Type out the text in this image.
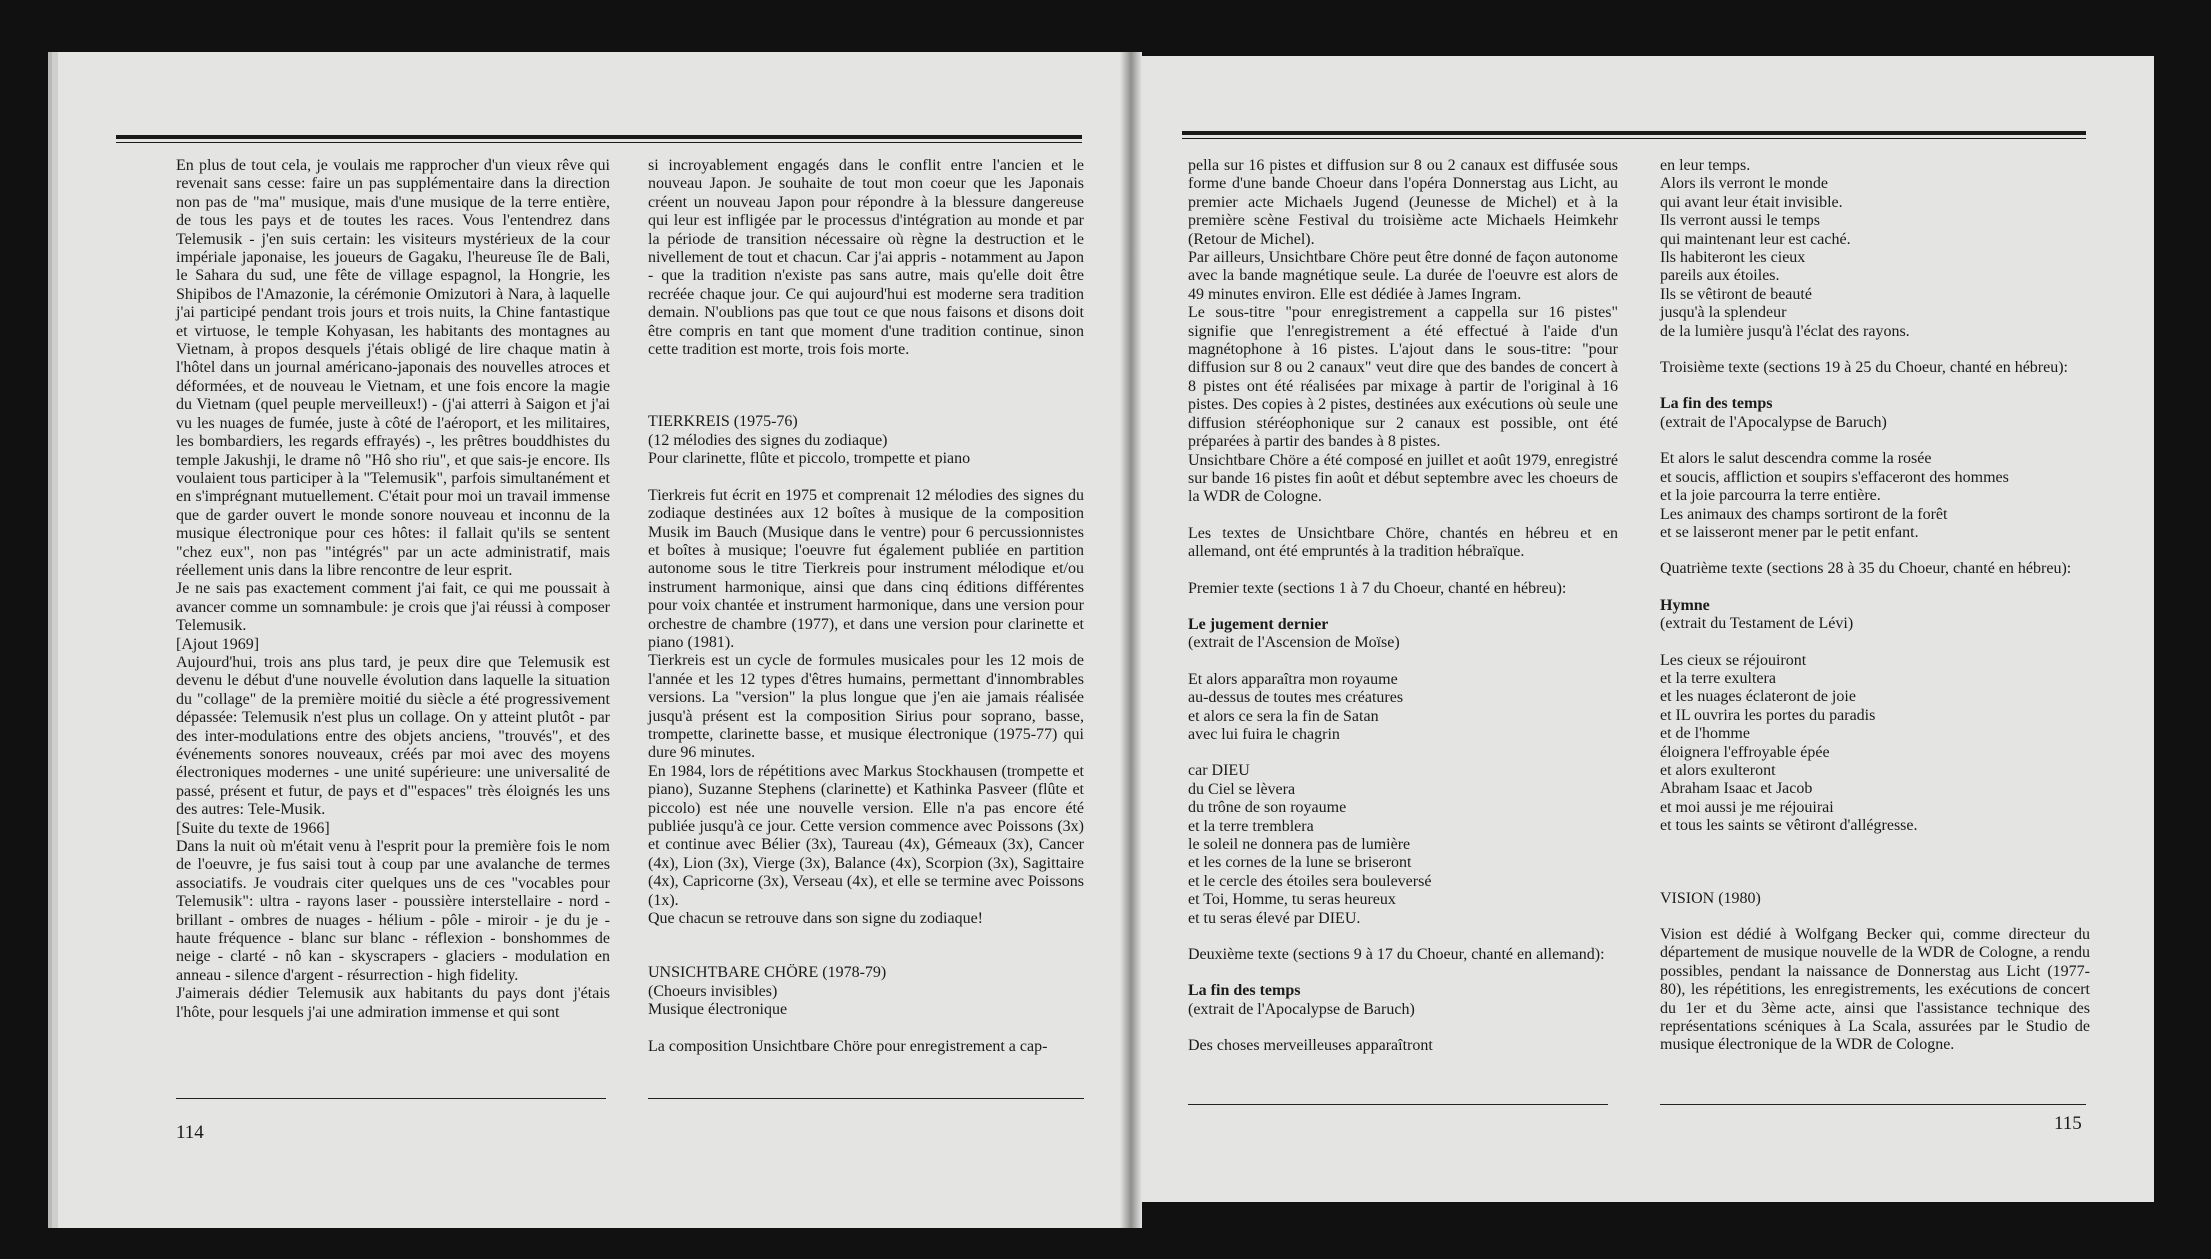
En plus de tout cela, je voulais me rapprocher d'un vieux rêve qui revenait sans cesse: faire un pas supplémentaire dans la direction non pas de "ma" musique, mais d'une musique de la terre entière, de tous les pays et de toutes les races. Vous l'entendrez dans Telemusik - j'en suis certain: les visiteurs mystérieux de la cour impériale japonaise, les joueurs de Gagaku, l'heureuse île de Bali, le Sahara du sud, une fête de village espagnol, la Hongrie, les Shipibos de l'Amazonie, la cérémonie Omizutori à Nara, à laquelle j'ai participé pendant trois jours et trois nuits, la Chine fantastique et virtuose, le temple Kohyasan, les habitants des montagnes au Vietnam, à propos desquels j'étais obligé de lire chaque matin à l'hôtel dans un journal américano-japonais des nouvelles atroces et déformées, et de nouveau le Vietnam, et une fois encore la magie du Vietnam (quel peuple merveilleux!) - (j'ai atterri à Saigon et j'ai vu les nuages de fumée, juste à côté de l'aéroport, et les militaires, les bombardiers, les regards effrayés) -, les prêtres bouddhistes du temple Jakushji, le drame nô "Hô sho riu", et que sais-je encore. Ils voulaient tous participer à la "Telemusik", parfois simultanément et en s'imprégnant mutuellement. C'était pour moi un travail immense que de garder ouvert le monde sonore nouveau et inconnu de la musique électronique pour ces hôtes: il fallait qu'ils se sentent "chez eux", non pas "intégrés" par un acte administratif, mais réellement unis dans la libre rencontre de leur esprit.

Je ne sais pas exactement comment j'ai fait, ce qui me poussait à avancer comme un somnambule: je crois que j'ai réussi à composer Telemusik.

[Ajout 1969]

Aujourd'hui, trois ans plus tard, je peux dire que Telemusik est devenu le début d'une nouvelle évolution dans laquelle la situation du "collage" de la première moitié du siècle a été progressivement dépassée: Telemusik n'est plus un collage. On y atteint plutôt - par des inter-modulations entre des objets anciens, "trouvés", et des événements sonores nouveaux, créés par moi avec des moyens électroniques modernes - une unité supérieure: une universalité de passé, présent et futur, de pays et d'"espaces" très éloignés les uns des autres: Tele-Musik.

[Suite du texte de 1966]

Dans la nuit où m'était venu à l'esprit pour la première fois le nom de l'oeuvre, je fus saisi tout à coup par une avalanche de termes associatifs. Je voudrais citer quelques uns de ces "vocables pour Telemusik": ultra - rayons laser - poussière interstellaire - nord - brillant - ombres de nuages - hélium - pôle - miroir - je du je - haute fréquence - blanc sur blanc - réflexion - bonshommes de neige - clarté - nô kan - skyscrapers - glaciers - modulation en anneau - silence d'argent - résurrection - high fidelity.

J'aimerais dédier Telemusik aux habitants du pays dont j'étais l'hôte, pour lesquels j'ai une admiration immense et qui sont

si incroyablement engagés dans le conflit entre l'ancien et le nouveau Japon. Je souhaite de tout mon coeur que les Japonais créent un nouveau Japon pour répondre à la blessure dangereuse qui leur est infligée par le processus d'intégration au monde et par la période de transition nécessaire où règne la destruction et le nivellement de tout et chacun. Car j'ai appris - notamment au Japon - que la tradition n'existe pas sans autre, mais qu'elle doit être recréée chaque jour. Ce qui aujourd'hui est moderne sera tradition demain. N'oublions pas que tout ce que nous faisons et disons doit être compris en tant que moment d'une tradition continue, sinon cette tradition est morte, trois fois morte.

TIERKREIS (1975-76)

(12 mélodies des signes du zodiaque)

Pour clarinette, flûte et piccolo, trompette et piano

Tierkreis fut écrit en 1975 et comprenait 12 mélodies des signes du zodiaque destinées aux 12 boîtes à musique de la composition Musik im Bauch (Musique dans le ventre) pour 6 percussionnistes et boîtes à musique; l'oeuvre fut également publiée en partition autonome sous le titre Tierkreis pour instrument mélodique et/ou instrument harmonique, ainsi que dans cinq éditions différentes pour voix chantée et instrument harmonique, dans une version pour orchestre de chambre (1977), et dans une version pour clarinette et piano (1981).

Tierkreis est un cycle de formules musicales pour les 12 mois de l'année et les 12 types d'êtres humains, permettant d'innombrables versions. La "version" la plus longue que j'en aie jamais réalisée jusqu'à présent est la composition Sirius pour soprano, basse, trompette, clarinette basse, et musique électronique (1975-77) qui dure 96 minutes.

En 1984, lors de répétitions avec Markus Stockhausen (trompette et piano), Suzanne Stephens (clarinette) et Kathinka Pasveer (flûte et piccolo) est née une nouvelle version. Elle n'a pas encore été publiée jusqu'à ce jour. Cette version commence avec Poissons (3x) et continue avec Bélier (3x), Taureau (4x), Gémeaux (3x), Cancer (4x), Lion (3x), Vierge (3x), Balance (4x), Scorpion (3x), Sagittaire (4x), Capricorne (3x), Verseau (4x), et elle se termine avec Poissons (1x).

Que chacun se retrouve dans son signe du zodiaque!

UNSICHTBARE CHÖRE (1978-79)

(Choeurs invisibles)

Musique électronique

La composition Unsichtbare Chöre pour enregistrement a cap-

pella sur 16 pistes et diffusion sur 8 ou 2 canaux est diffusée sous forme d'une bande Choeur dans l'opéra Donnerstag aus Licht, au premier acte Michaels Jugend (Jeunesse de Michel) et à la première scène Festival du troisième acte Michaels Heimkehr (Retour de Michel).

Par ailleurs, Unsichtbare Chöre peut être donné de façon autonome avec la bande magnétique seule. La durée de l'oeuvre est alors de 49 minutes environ. Elle est dédiée à James Ingram.

Le sous-titre "pour enregistrement a cappella sur 16 pistes" signifie que l'enregistrement a été effectué à l'aide d'un magnétophone à 16 pistes. L'ajout dans le sous-titre: "pour diffusion sur 8 ou 2 canaux" veut dire que des bandes de concert à 8 pistes ont été réalisées par mixage à partir de l'original à 16 pistes. Des copies à 2 pistes, destinées aux exécutions où seule une diffusion stéréophonique sur 2 canaux est possible, ont été préparées à partir des bandes à 8 pistes.

Unsichtbare Chöre a été composé en juillet et août 1979, enregistré sur bande 16 pistes fin août et début septembre avec les choeurs de la WDR de Cologne.

Les textes de Unsichtbare Chöre, chantés en hébreu et en allemand, ont été empruntés à la tradition hébraïque.

Premier texte (sections 1 à 7 du Choeur, chanté en hébreu):

Le jugement dernier

(extrait de l'Ascension de Moïse)

Et alors apparaîtra mon royaume

au-dessus de toutes mes créatures

et alors ce sera la fin de Satan

avec lui fuira le chagrin

car DIEU

du Ciel se lèvera

du trône de son royaume

et la terre tremblera

le soleil ne donnera pas de lumière

et les cornes de la lune se briseront

et le cercle des étoiles sera bouleversé

et Toi, Homme, tu seras heureux

et tu seras élevé par DIEU.

Deuxième texte (sections 9 à 17 du Choeur, chanté en allemand):

La fin des temps

(extrait de l'Apocalypse de Baruch)

Des choses merveilleuses apparaîtront

en leur temps.

Alors ils verront le monde

qui avant leur était invisible.

Ils verront aussi le temps

qui maintenant leur est caché.

Ils habiteront les cieux

pareils aux étoiles.

Ils se vêtiront de beauté

jusqu'à la splendeur

de la lumière jusqu'à l'éclat des rayons.

Troisième texte (sections 19 à 25 du Choeur, chanté en hébreu):

La fin des temps

(extrait de l'Apocalypse de Baruch)

Et alors le salut descendra comme la rosée

et soucis, affliction et soupirs s'effaceront des hommes

et la joie parcourra la terre entière.

Les animaux des champs sortiront de la forêt

et se laisseront mener par le petit enfant.

Quatrième texte (sections 28 à 35 du Choeur, chanté en hébreu):

Hymne

(extrait du Testament de Lévi)

Les cieux se réjouiront

et la terre exultera

et les nuages éclateront de joie

et IL ouvrira les portes du paradis

et de l'homme

éloignera l'effroyable épée

et alors exulteront

Abraham Isaac et Jacob

et moi aussi je me réjouirai

et tous les saints se vêtiront d'allégresse.

VISION (1980)

Vision est dédié à Wolfgang Becker qui, comme directeur du département de musique nouvelle de la WDR de Cologne, a rendu possibles, pendant la naissance de Donnerstag aus Licht (1977-80), les répétitions, les enregistrements, les exécutions de concert du 1er et du 3ème acte, ainsi que l'assistance technique des représentations scéniques à La Scala, assurées par le Studio de musique électronique de la WDR de Cologne.

114	115
